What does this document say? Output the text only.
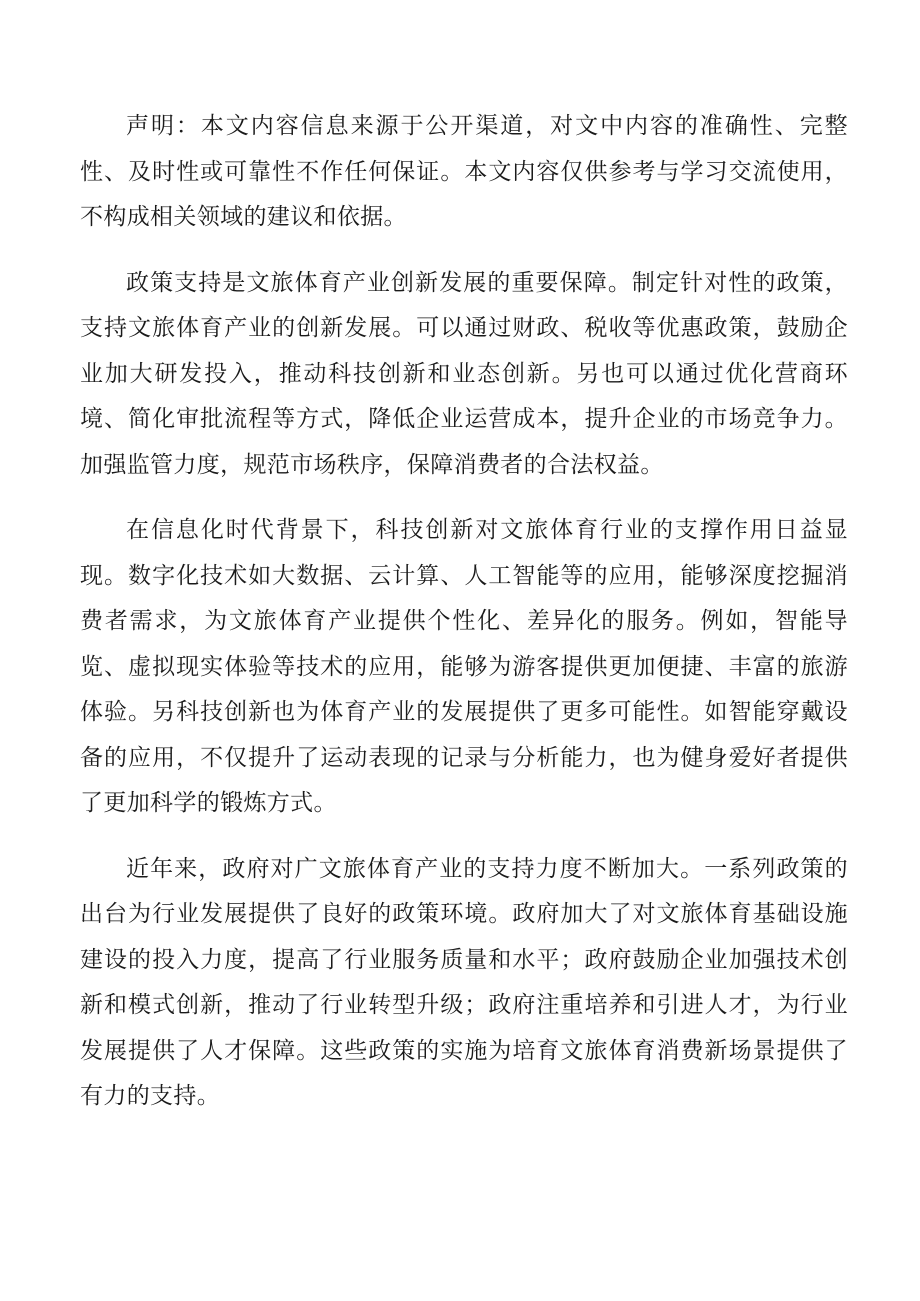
声明：本文内容信息来源于公开渠道，对文中内容的准确性、完整性、及时性或可靠性不作任何保证。本文内容仅供参考与学习交流使用，不构成相关领域的建议和依据。

政策支持是文旅体育产业创新发展的重要保障。制定针对性的政策，支持文旅体育产业的创新发展。可以通过财政、税收等优惠政策，鼓励企业加大研发投入，推动科技创新和业态创新。另也可以通过优化营商环境、简化审批流程等方式，降低企业运营成本，提升企业的市场竞争力。加强监管力度，规范市场秩序，保障消费者的合法权益。

在信息化时代背景下，科技创新对文旅体育行业的支撑作用日益显现。数字化技术如大数据、云计算、人工智能等的应用，能够深度挖掘消费者需求，为文旅体育产业提供个性化、差异化的服务。例如，智能导览、虚拟现实体验等技术的应用，能够为游客提供更加便捷、丰富的旅游体验。另科技创新也为体育产业的发展提供了更多可能性。如智能穿戴设备的应用，不仅提升了运动表现的记录与分析能力，也为健身爱好者提供了更加科学的锻炼方式。

近年来，政府对广文旅体育产业的支持力度不断加大。一系列政策的出台为行业发展提供了良好的政策环境。政府加大了对文旅体育基础设施建设的投入力度，提高了行业服务质量和水平；政府鼓励企业加强技术创新和模式创新，推动了行业转型升级；政府注重培养和引进人才，为行业发展提供了人才保障。这些政策的实施为培育文旅体育消费新场景提供了有力的支持。
